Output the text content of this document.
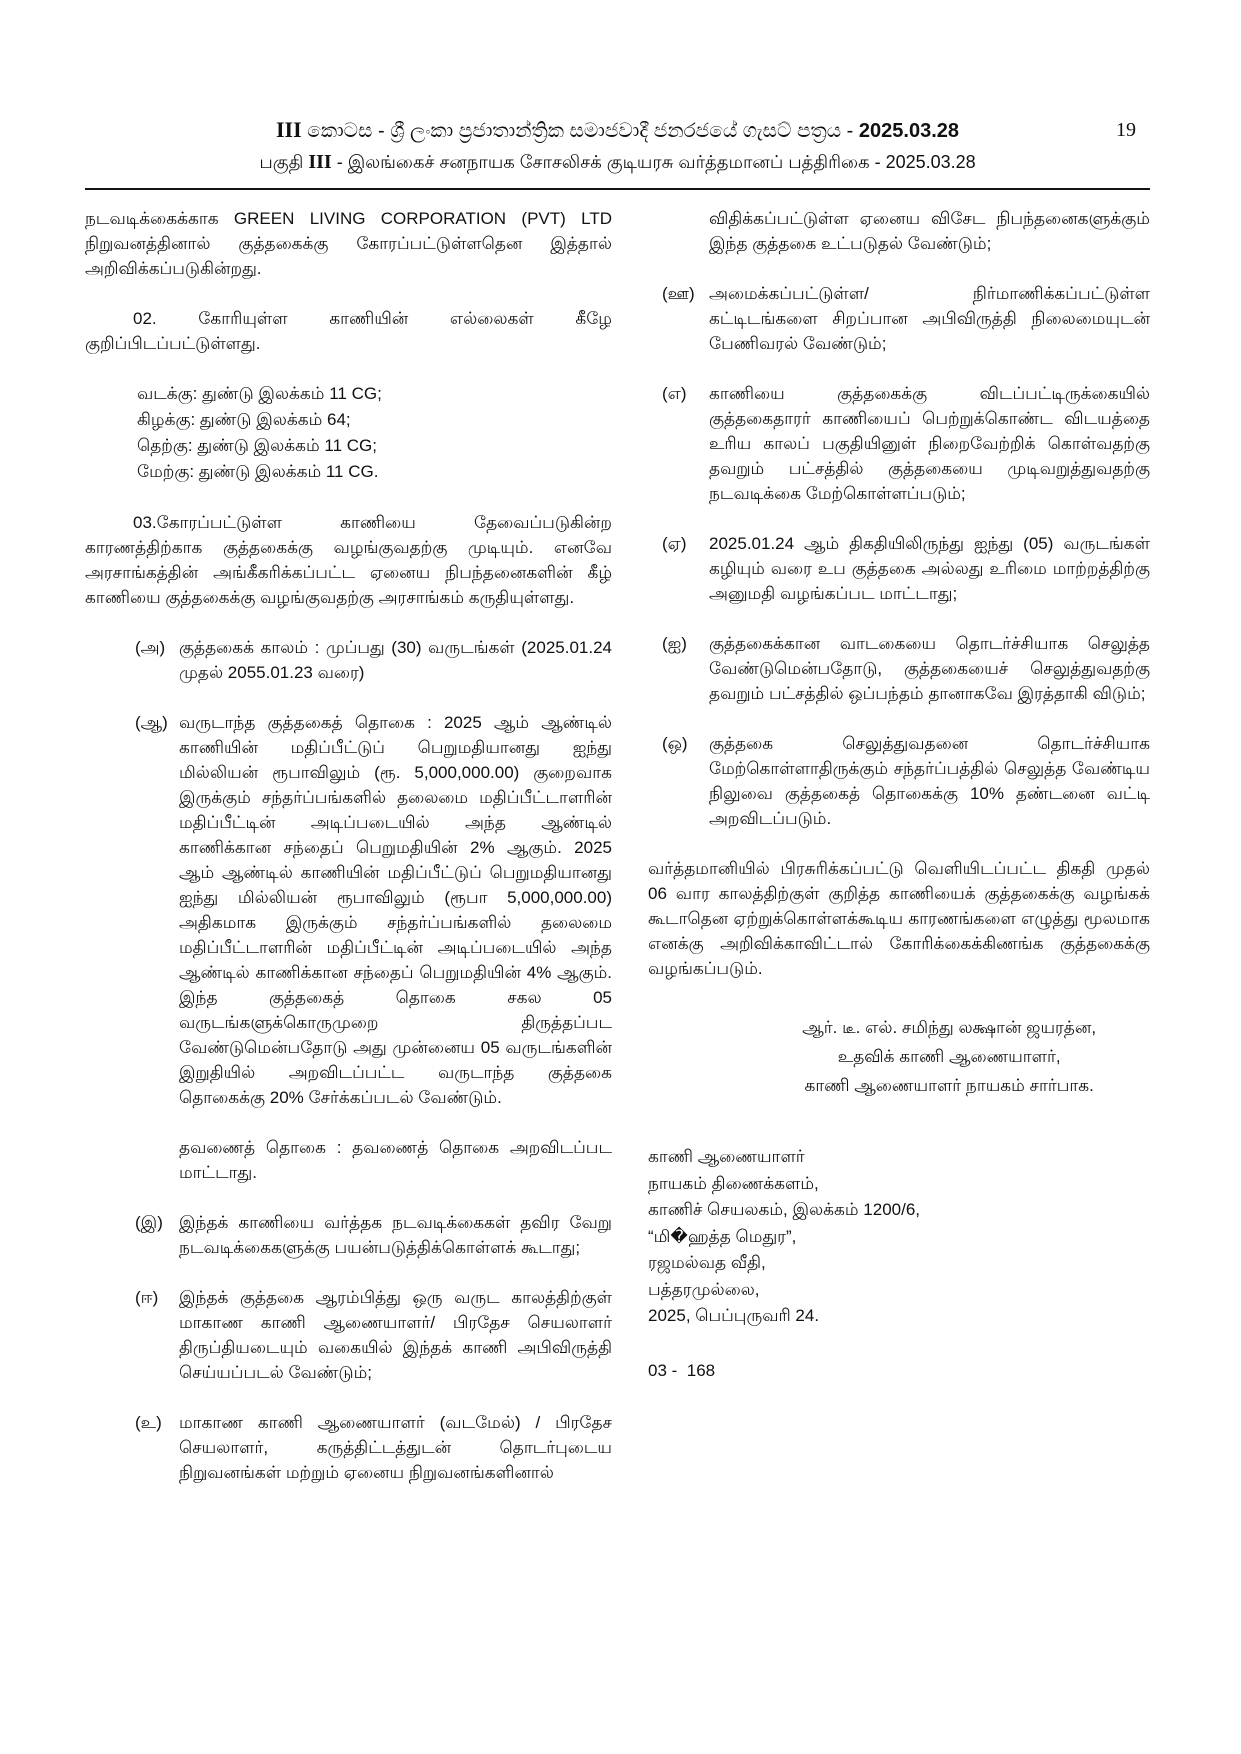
III කොටස - ශ්‍රී ලංකා ප්‍රජාතාන්ත්‍රික සමාජවාදී ජනරජයේ ගැසට් පත්‍රය - 2025.03.28	19
பகுதி III - இலங்கைச் சனநாயக சோசலிசக் குடியரசு வர்த்தமானப் பத்திரிகை - 2025.03.28

நடவடிக்கைக்காக GREEN LIVING CORPORATION (PVT) LTD நிறுவனத்தினால் குத்தகைக்கு கோரப்பட்டுள்ளதென இத்தால் அறிவிக்கப்படுகின்றது.

02. கோரியுள்ள காணியின் எல்லைகள் கீழே குறிப்பிடப்பட்டுள்ளது.

வடக்கு: துண்டு இலக்கம் 11 CG;
கிழக்கு: துண்டு இலக்கம் 64;
தெற்கு: துண்டு இலக்கம் 11 CG;
மேற்கு: துண்டு இலக்கம் 11 CG.

03.கோரப்பட்டுள்ள காணியை தேவைப்படுகின்ற காரணத்திற்காக குத்தகைக்கு வழங்குவதற்கு முடியும். எனவே அரசாங்கத்தின் அங்கீகரிக்கப்பட்ட ஏனைய நிபந்தனைகளின் கீழ் காணியை குத்தகைக்கு வழங்குவதற்கு அரசாங்கம் கருதியுள்ளது.

(அ) குத்தகைக் காலம் : முப்பது (30) வருடங்கள் (2025.01.24 முதல் 2055.01.23 வரை)
(ஆ) வருடாந்த குத்தகைத் தொகை : 2025 ஆம் ஆண்டில் காணியின் மதிப்பீட்டுப் பெறுமதியானது ஐந்து மில்லியன் ரூபாவிலும் (ரூ. 5,000,000.00) குறைவாக இருக்கும் சந்தர்ப்பங்களில் தலைமை மதிப்பீட்டாளரின் மதிப்பீட்டின் அடிப்படையில் அந்த ஆண்டில் காணிக்கான சந்தைப் பெறுமதியின் 2% ஆகும். 2025 ஆம் ஆண்டில் காணியின் மதிப்பீட்டுப் பெறுமதியானது ஐந்து மில்லியன் ரூபாவிலும் (ரூபா 5,000,000.00) அதிகமாக இருக்கும் சந்தர்ப்பங்களில் தலைமை மதிப்பீட்டாளரின் மதிப்பீட்டின் அடிப்படையில் அந்த ஆண்டில் காணிக்கான சந்தைப் பெறுமதியின் 4% ஆகும். இந்த குத்தகைத் தொகை சகல 05 வருடங்களுக்கொருமுறை திருத்தப்பட வேண்டுமென்பதோடு அது முன்னைய 05 வருடங்களின் இறுதியில் அறவிடப்பட்ட வருடாந்த குத்தகை தொகைக்கு 20% சேர்க்கப்படல் வேண்டும்.

தவணைத் தொகை : தவணைத் தொகை அறவிடப்பட மாட்டாது.

(இ) இந்தக் காணியை வர்த்தக நடவடிக்கைகள் தவிர வேறு நடவடிக்கைகளுக்கு பயன்படுத்திக்கொள்ளக் கூடாது;
(ஈ)	இந்தக் குத்தகை ஆரம்பித்து ஒரு வருட காலத்திற்குள் மாகாண காணி ஆணையாளர்/ பிரதேச செயலாளர் திருப்தியடையும் வகையில் இந்தக் காணி அபிவிருத்தி செய்யப்படல் வேண்டும்;
(உ)	மாகாண காணி ஆணையாளர் (வடமேல்) / பிரதேச செயலாளர், கருத்திட்டத்துடன் தொடர்புடைய நிறுவனங்கள் மற்றும் ஏனைய நிறுவனங்களினால்

விதிக்கப்பட்டுள்ள ஏனைய விசேட நிபந்தனைகளுக்கும் இந்த குத்தகை உட்படுதல் வேண்டும்;

(ஊ) அமைக்கப்பட்டுள்ள/ நிர்மாணிக்கப்பட்டுள்ள கட்டிடங்களை சிறப்பான அபிவிருத்தி நிலைமையுடன் பேணிவரல் வேண்டும்;
(எ)	காணியை குத்தகைக்கு விடப்பட்டிருக்கையில் குத்தகைதாரர் காணியைப் பெற்றுக்கொண்ட விடயத்தை உரிய காலப் பகுதியினுள் நிறைவேற்றிக் கொள்வதற்கு தவறும் பட்சத்தில் குத்தகையை முடிவறுத்துவதற்கு நடவடிக்கை மேற்கொள்ளப்படும்;
(ஏ)	2025.01.24 ஆம் திகதியிலிருந்து ஐந்து (05) வருடங்கள் கழியும் வரை உப குத்தகை அல்லது உரிமை மாற்றத்திற்கு அனுமதி வழங்கப்பட மாட்டாது;
(ஐ)	குத்தகைக்கான வாடகையை தொடர்ச்சியாக செலுத்த வேண்டுமென்பதோடு, குத்தகையைச் செலுத்துவதற்கு தவறும் பட்சத்தில் ஒப்பந்தம் தானாகவே இரத்தாகி விடும்;
(ஒ)	குத்தகை செலுத்துவதனை தொடர்ச்சியாக மேற்கொள்ளாதிருக்கும் சந்தர்ப்பத்தில் செலுத்த வேண்டிய நிலுவை குத்தகைத் தொகைக்கு 10% தண்டனை வட்டி அறவிடப்படும்.

வர்த்தமானியில் பிரசுரிக்கப்பட்டு வெளியிடப்பட்ட திகதி முதல் 06 வார காலத்திற்குள் குறித்த காணியைக் குத்தகைக்கு வழங்கக் கூடாதென ஏற்றுக்கொள்ளக்கூடிய காரணங்களை எழுத்து மூலமாக எனக்கு அறிவிக்காவிட்டால் கோரிக்கைக்கிணங்க குத்தகைக்கு வழங்கப்படும்.

ஆர். டீ. எல். சமிந்து லக்ஷான் ஜயரத்ன,
உதவிக் காணி ஆணையாளர்,
காணி ஆணையாளர் நாயகம் சார்பாக.
காணி ஆணையாளர்
நாயகம் திணைக்களம்,
காணிச் செயலகம், இலக்கம் 1200/6,
“மி�ஹத்த மெதுர”,
ரஜமல்வத வீதி,
பத்தரமுல்லை,
2025, பெப்புருவரி 24.

03 -  168
